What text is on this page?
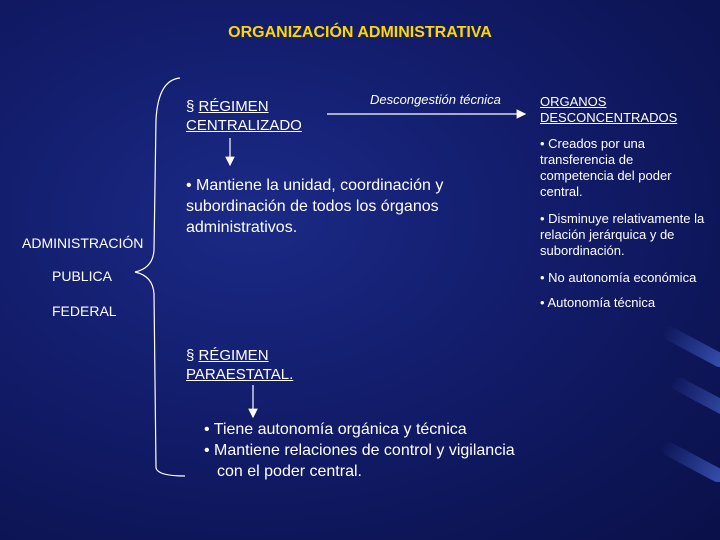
ORGANIZACIÓN ADMINISTRATIVA
ADMINISTRACIÓN
PUBLICA
FEDERAL
§ RÉGIMEN
CENTRALIZADO
• Mantiene la unidad, coordinación y subordinación de todos los órganos administrativos.
Descongestión técnica	ORGANOS
DESCONCENTRADOS
• Creados por una transferencia de competencia del poder central.
• Disminuye relativamente la relación jerárquica y de subordinación.
• No autonomía económica
• Autonomía técnica
§ RÉGIMEN
PARAESTATAL.
• Tiene autonomía orgánica y técnica
• Mantiene relaciones de control y vigilancia
con el poder central.
